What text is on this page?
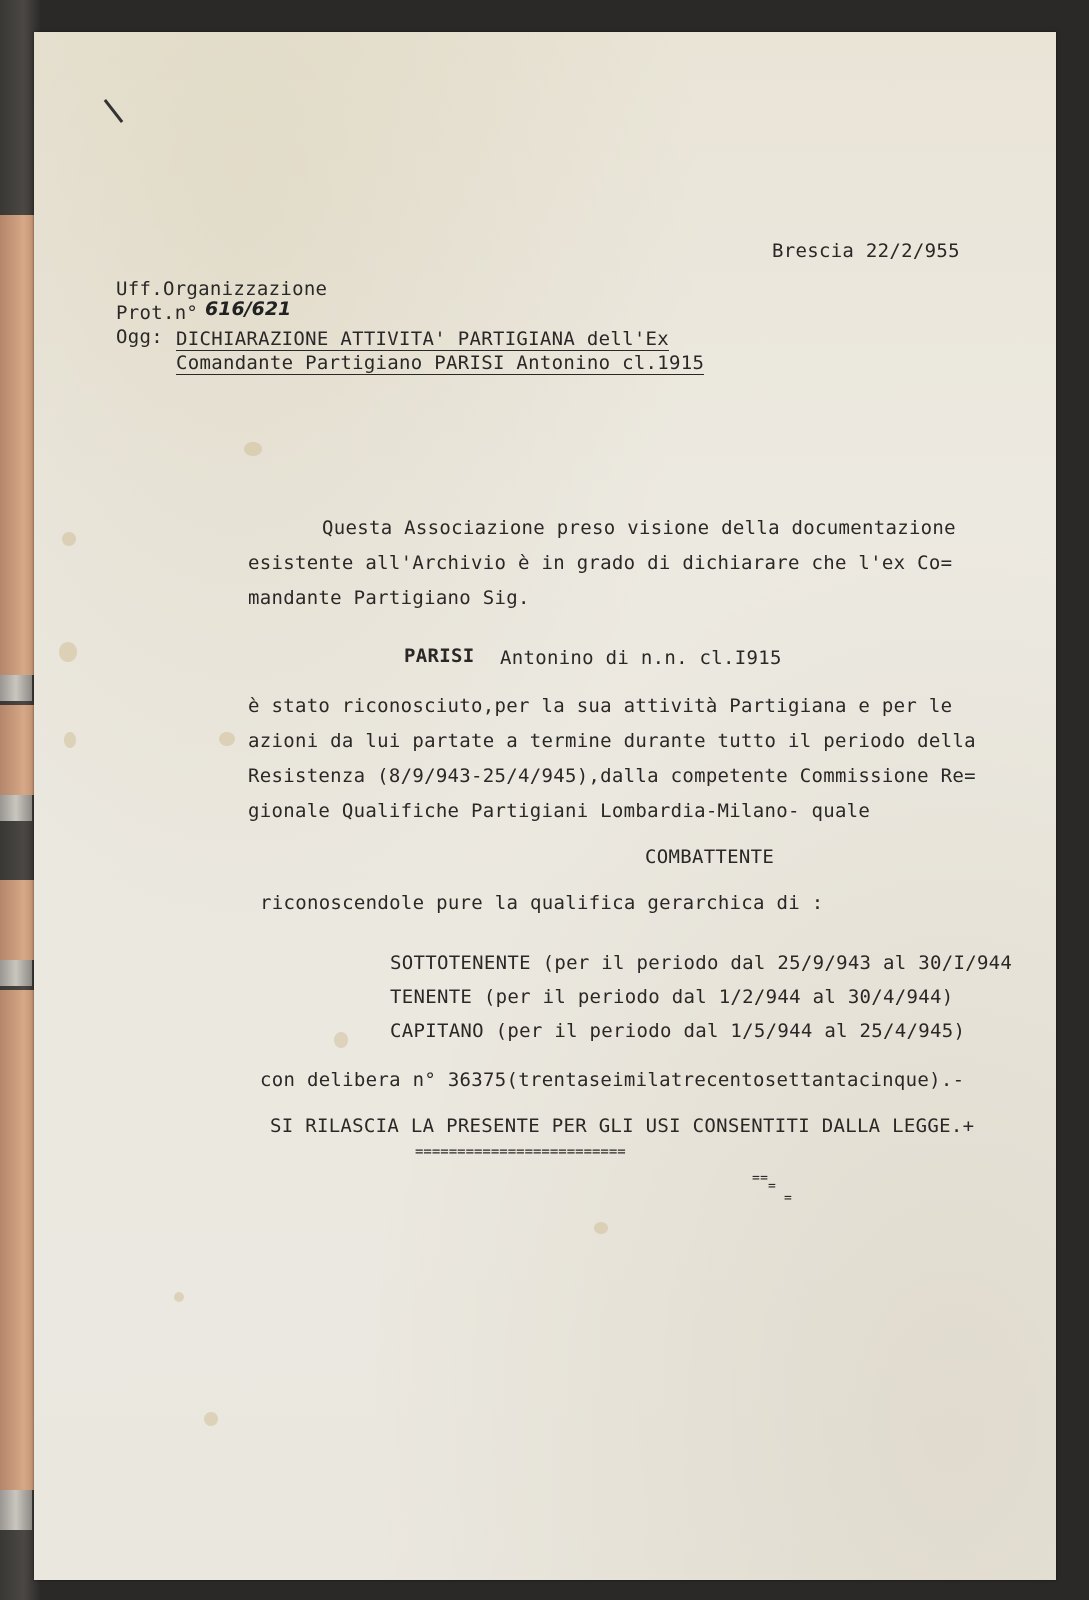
Brescia 22/2/955
Uff.Organizzazione
Prot.n° 616/621
Ogg: DICHIARAZIONE ATTIVITA' PARTIGIANA dell'Ex
Comandante Partigiano PARISI Antonino cl.1915
Questa Associazione preso visione della documentazione
esistente all'Archivio è in grado di dichiarare che l'ex Co=
mandante Partigiano Sig.
PARISI Antonino di n.n. cl.I915
è stato riconosciuto,per la sua attività Partigiana e per le
azioni da lui partate a termine durante tutto il periodo della
Resistenza (8/9/943-25/4/945),dalla competente Commissione Re=
gionale Qualifiche Partigiani Lombardia-Milano- quale
COMBATTENTE
riconoscendole pure la qualifica gerarchica di :
SOTTOTENENTE (per il periodo dal 25/9/943 al 30/I/944
TENENTE (per il periodo dal 1/2/944 al 30/4/944)
CAPITANO (per il periodo dal 1/5/944 al 25/4/945)
con delibera n° 36375(trentaseimilatrecentosettantacinque).-
SI RILASCIA LA PRESENTE PER GLI USI CONSENTITI DALLA LEGGE.+
=========================
==
=
=
